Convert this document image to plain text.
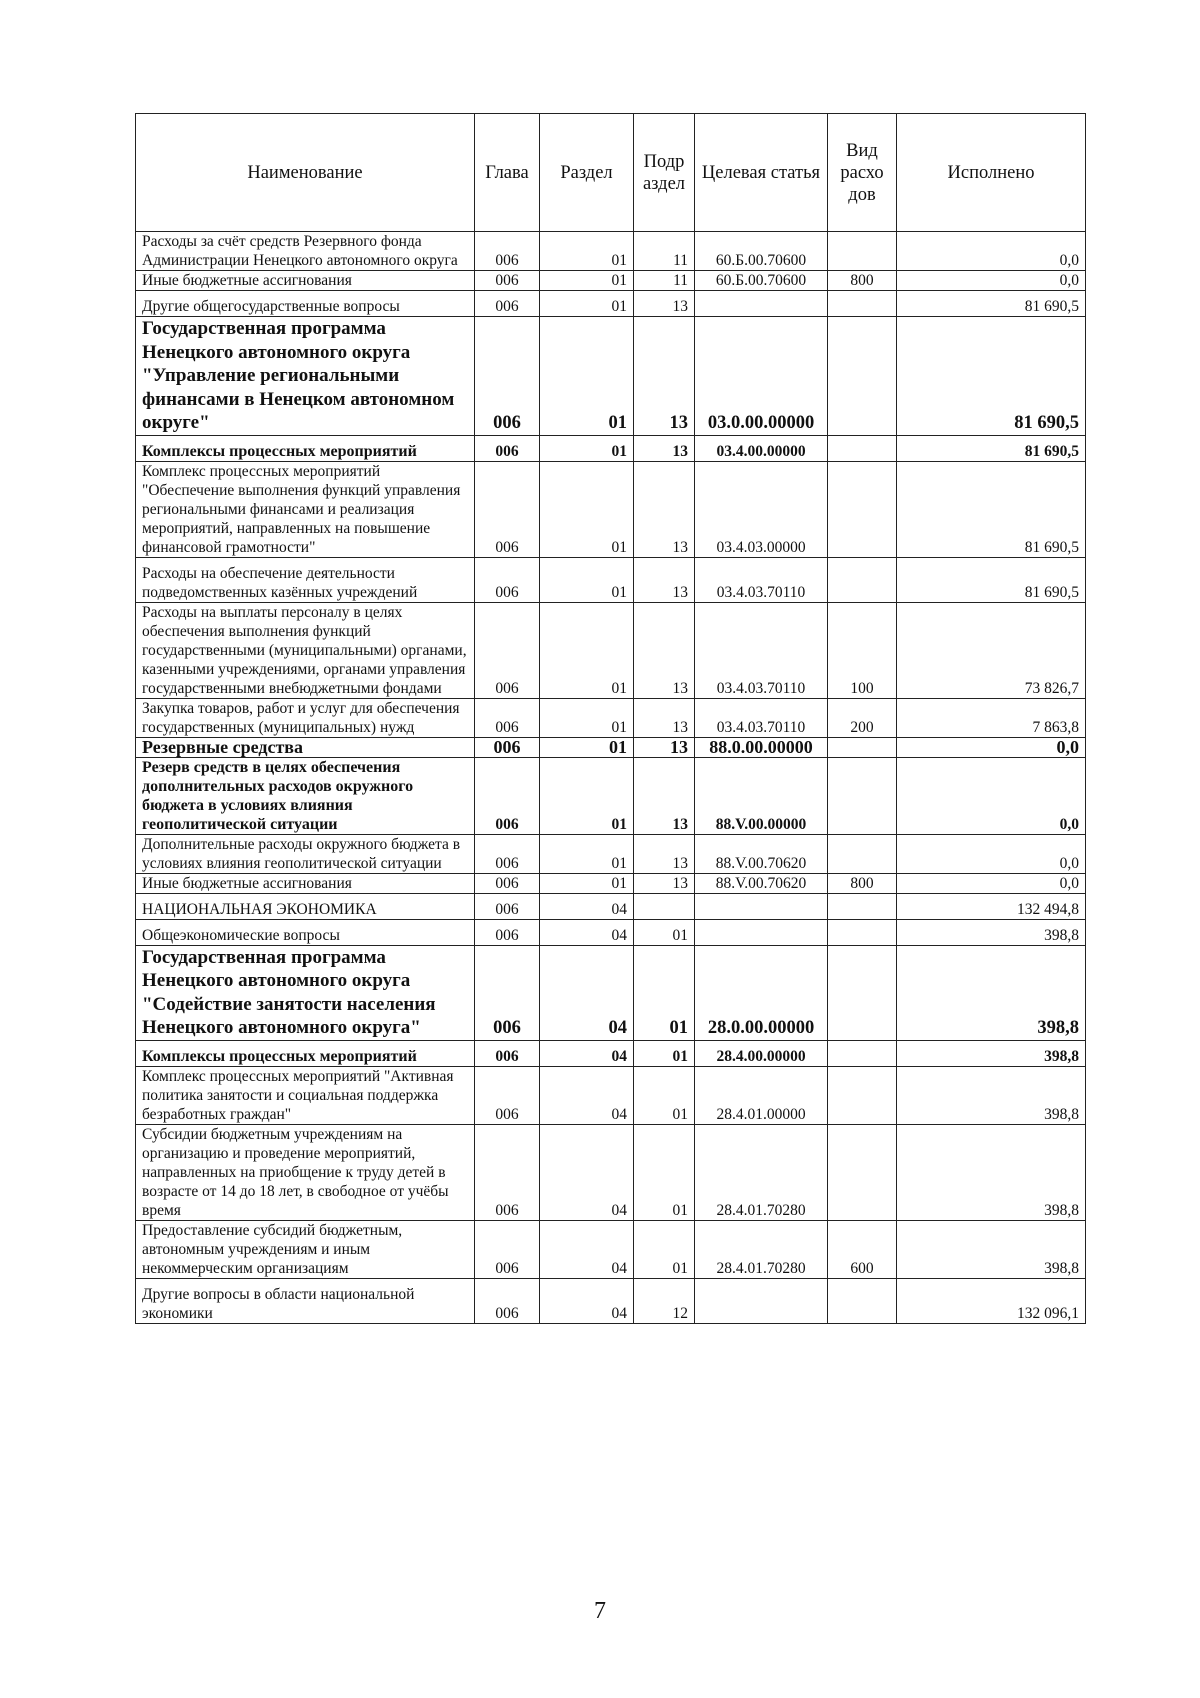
Наименование	Глава	Раздел	Подр аздел	Целевая статья	Вид расхо дов	Исполнено
Расходы за счёт средств Резервного фонда Администрации Ненецкого автономного округа	006	01	11	60.Б.00.70600		0,0
Иные бюджетные ассигнования	006	01	11	60.Б.00.70600	800	0,0
Другие общегосударственные вопросы	006	01	13			81 690,5
Государственная программа Ненецкого автономного округа "Управление региональными финансами в Ненецком автономном округе"	006	01	13	03.0.00.00000		81 690,5
Комплексы процессных мероприятий	006	01	13	03.4.00.00000		81 690,5
Комплекс процессных мероприятий "Обеспечение выполнения функций управления региональными финансами и реализация мероприятий, направленных на повышение финансовой грамотности"	006	01	13	03.4.03.00000		81 690,5
Расходы на обеспечение деятельности подведомственных казённых учреждений	006	01	13	03.4.03.70110		81 690,5
Расходы на выплаты персоналу в целях обеспечения выполнения функций государственными (муниципальными) органами, казенными учреждениями, органами управления государственными внебюджетными фондами	006	01	13	03.4.03.70110	100	73 826,7
Закупка товаров, работ и услуг для обеспечения государственных (муниципальных) нужд	006	01	13	03.4.03.70110	200	7 863,8
Резервные средства	006	01	13	88.0.00.00000		0,0
Резерв средств в целях обеспечения дополнительных расходов окружного бюджета в условиях влияния геополитической ситуации	006	01	13	88.V.00.00000		0,0
Дополнительные расходы окружного бюджета в условиях влияния геополитической ситуации	006	01	13	88.V.00.70620		0,0
Иные бюджетные ассигнования	006	01	13	88.V.00.70620	800	0,0
НАЦИОНАЛЬНАЯ ЭКОНОМИКА	006	04				132 494,8
Общеэкономические вопросы	006	04	01			398,8
Государственная программа Ненецкого автономного округа "Содействие занятости населения Ненецкого автономного округа"	006	04	01	28.0.00.00000		398,8
Комплексы процессных мероприятий	006	04	01	28.4.00.00000		398,8
Комплекс процессных мероприятий "Активная политика занятости и социальная поддержка безработных граждан"	006	04	01	28.4.01.00000		398,8
Субсидии бюджетным учреждениям на организацию и проведение мероприятий, направленных на приобщение к труду детей в возрасте от 14 до 18 лет, в свободное от учёбы время	006	04	01	28.4.01.70280		398,8
Предоставление субсидий бюджетным, автономным учреждениям и иным некоммерческим организациям	006	04	01	28.4.01.70280	600	398,8
Другие вопросы в области национальной экономики	006	04	12			132 096,1
7
